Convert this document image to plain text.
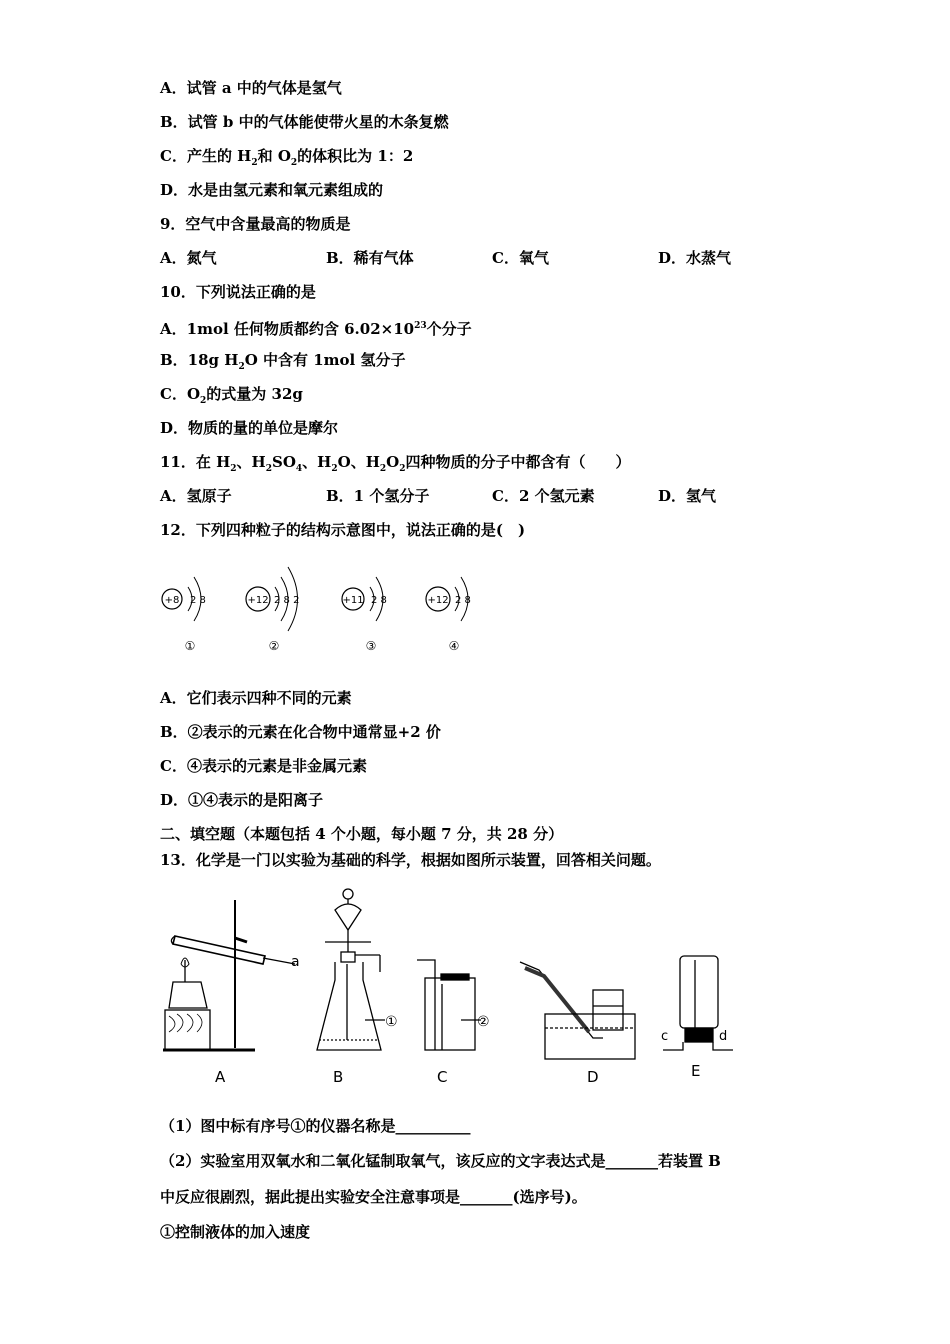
A．试管 a 中的气体是氢气
B．试管 b 中的气体能使带火星的木条复燃
C．产生的 $H_2$和 $O_2$的体积比为 1：2
D．水是由氢元素和氧元素组成的
9．空气中含量最高的物质是
A．氮气	B．稀有气体	C．氧气	D．水蒸气
10．下列说法正确的是
A．1mol 任何物质都约含 $6.02\times 10^{23}$个分子
B．18g $H_2O$ 中含有 1mol 氢分子
C．$O_2$的式量为 32g
D．物质的量的单位是摩尔
11．在 $H_2$、$H_2SO_4$、$H_2O$、$H_2O_2$四种物质的分子中都含有（　　）
A．氢原子	B．1 个氢分子	C．2 个氢元素	D．氢气
12．下列四种粒子的结构示意图中，说法正确的是(　)
+8 2 8
①
+12 2 8 2
②
+11 2 8
③
+12 2 8
④
A．它们表示四种不同的元素
B．②表示的元素在化合物中通常显+2 价
C．④表示的元素是非金属元素
D．①④表示的是阳离子
二、填空题（本题包括 4 个小题，每小题 7 分，共 28 分）
13．化学是一门以实验为基础的科学，根据如图所示装置，回答相关问题。
a
A
①
B
②
C	D
c	d
E
（1）图中标有序号①的仪器名称是__________
（2）实验室用双氧水和二氧化锰制取氧气，该反应的文字表达式是_______若装置 B
中反应很剧烈，据此提出实验安全注意事项是_______(选序号)。
①控制液体的加入速度
